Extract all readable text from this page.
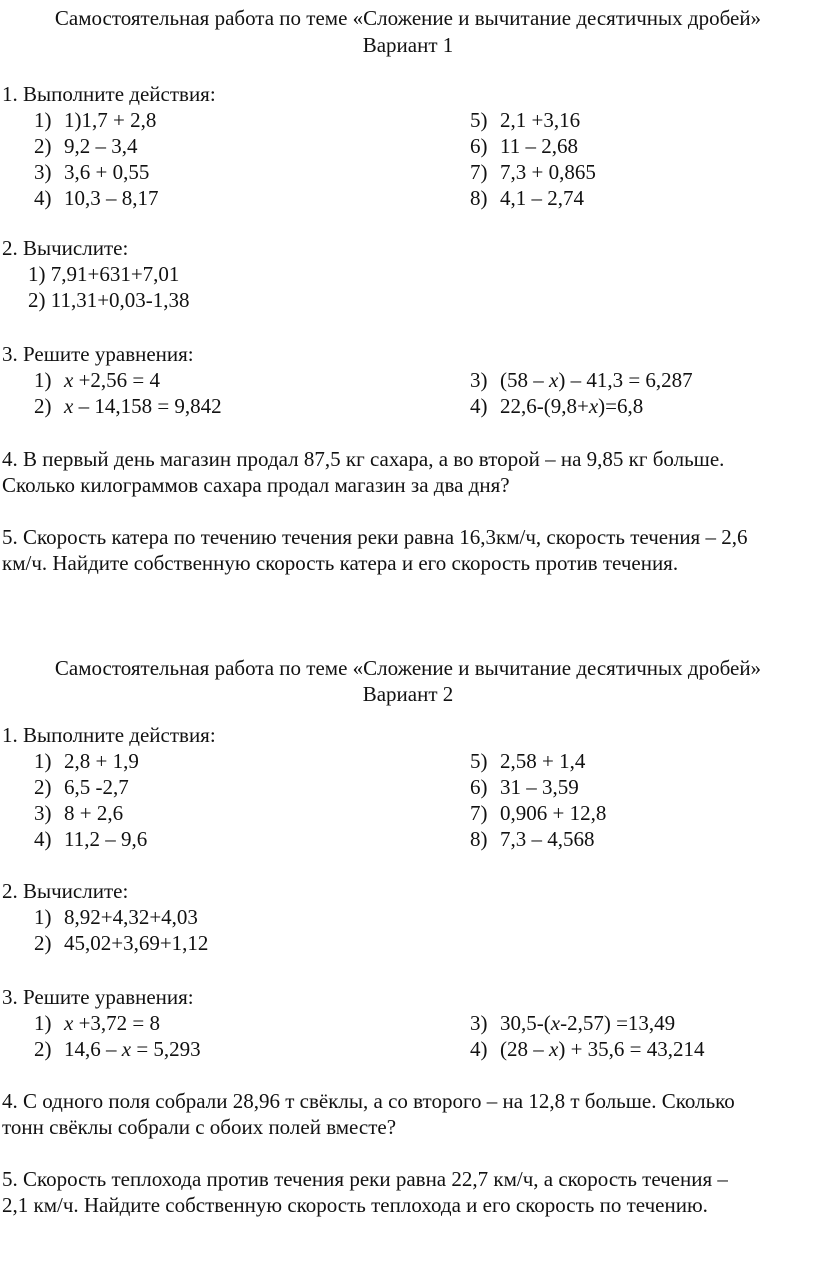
Самостоятельная работа по теме «Сложение и вычитание десятичных дробей»
Вариант 1
1. Выполните действия:
1) 1)1,7 + 2,8
2) 9,2 – 3,4
3) 3,6 + 0,55
4) 10,3 – 8,17
5) 2,1 +3,16
6) 11 – 2,68
7) 7,3 + 0,865
8) 4,1 – 2,74
2. Вычислите:
1) 7,91+631+7,01
2) 11,31+0,03-1,38
3. Решите уравнения:
1) x +2,56 = 4
2) x – 14,158 = 9,842
3) (58 – x) – 41,3 = 6,287
4) 22,6-(9,8+x)=6,8
4. В первый день магазин продал 87,5 кг сахара, а во второй – на 9,85 кг больше.
Сколько килограммов сахара продал магазин за два дня?
5. Скорость катера по течению течения реки равна 16,3км/ч, скорость течения – 2,6
км/ч. Найдите собственную скорость катера и его скорость против течения.
Самостоятельная работа по теме «Сложение и вычитание десятичных дробей»
Вариант 2
1. Выполните действия:
1) 2,8 + 1,9
2) 6,5 -2,7
3) 8 + 2,6
4) 11,2 – 9,6
5) 2,58 + 1,4
6) 31 – 3,59
7) 0,906 + 12,8
8) 7,3 – 4,568
2. Вычислите:
1) 8,92+4,32+4,03
2) 45,02+3,69+1,12
3. Решите уравнения:
1) x +3,72 = 8
2) 14,6 – x = 5,293
3) 30,5-(x-2,57) =13,49
4) (28 – x) + 35,6 = 43,214
4. С одного поля собрали 28,96 т свёклы, а со второго – на 12,8 т больше. Сколько
тонн свёклы собрали с обоих полей вместе?
5. Скорость теплохода против течения реки равна 22,7 км/ч, а скорость течения –
2,1 км/ч. Найдите собственную скорость теплохода и его скорость по течению.
